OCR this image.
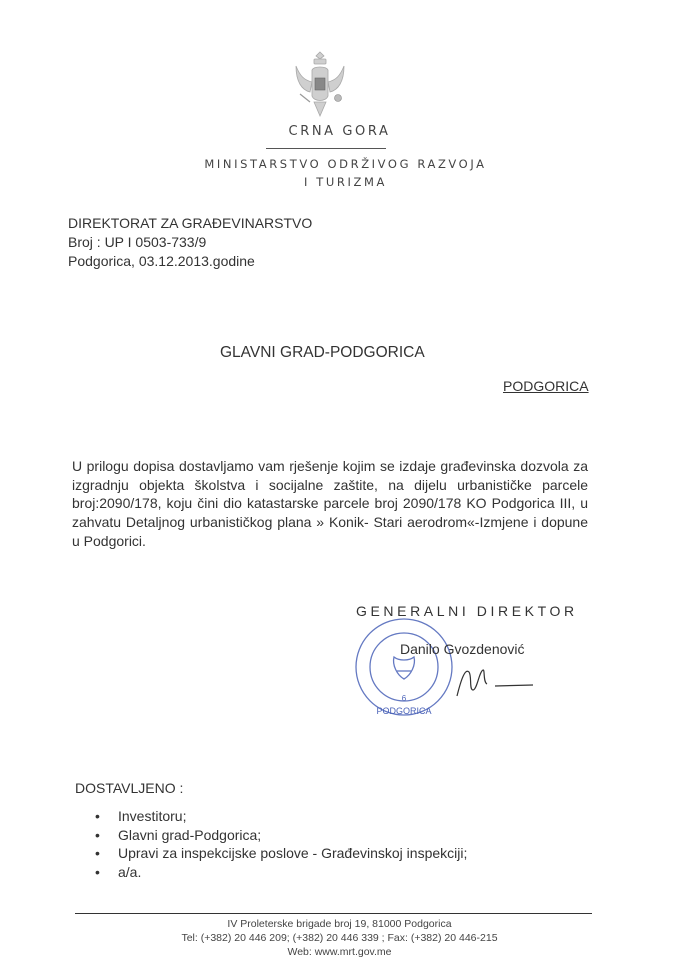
CRNA GORA
MINISTARSTVO ODRŽIVOG RAZVOJA
I TURIZMA
DIREKTORAT ZA GRAĐEVINARSTVO
Broj : UP I 0503-733/9
Podgorica, 03.12.2013.godine
GLAVNI GRAD-PODGORICA
PODGORICA
U prilogu dopisa dostavljamo vam rješenje kojim se izdaje građevinska dozvola za izgradnju objekta školstva i socijalne zaštite, na dijelu urbanističke parcele broj:2090/178, koju čini dio katastarske parcele broj 2090/178 KO Podgorica III, u zahvatu Detaljnog urbanističkog plana » Konik- Stari aerodrom«-Izmjene i dopune u Podgorici.
GENERALNI DIREKTOR
6
PODGORICA
Danilo Gvozdenović
DOSTAVLJENO :
• Investitoru;
• Glavni grad-Podgorica;
• Upravi za inspekcijske poslove - Građevinskoj inspekciji;
• a/a.
IV Proleterske brigade broj 19, 81000 Podgorica
Tel: (+382) 20 446 209; (+382) 20 446 339 ; Fax: (+382) 20 446-215
Web: www.mrt.gov.me
